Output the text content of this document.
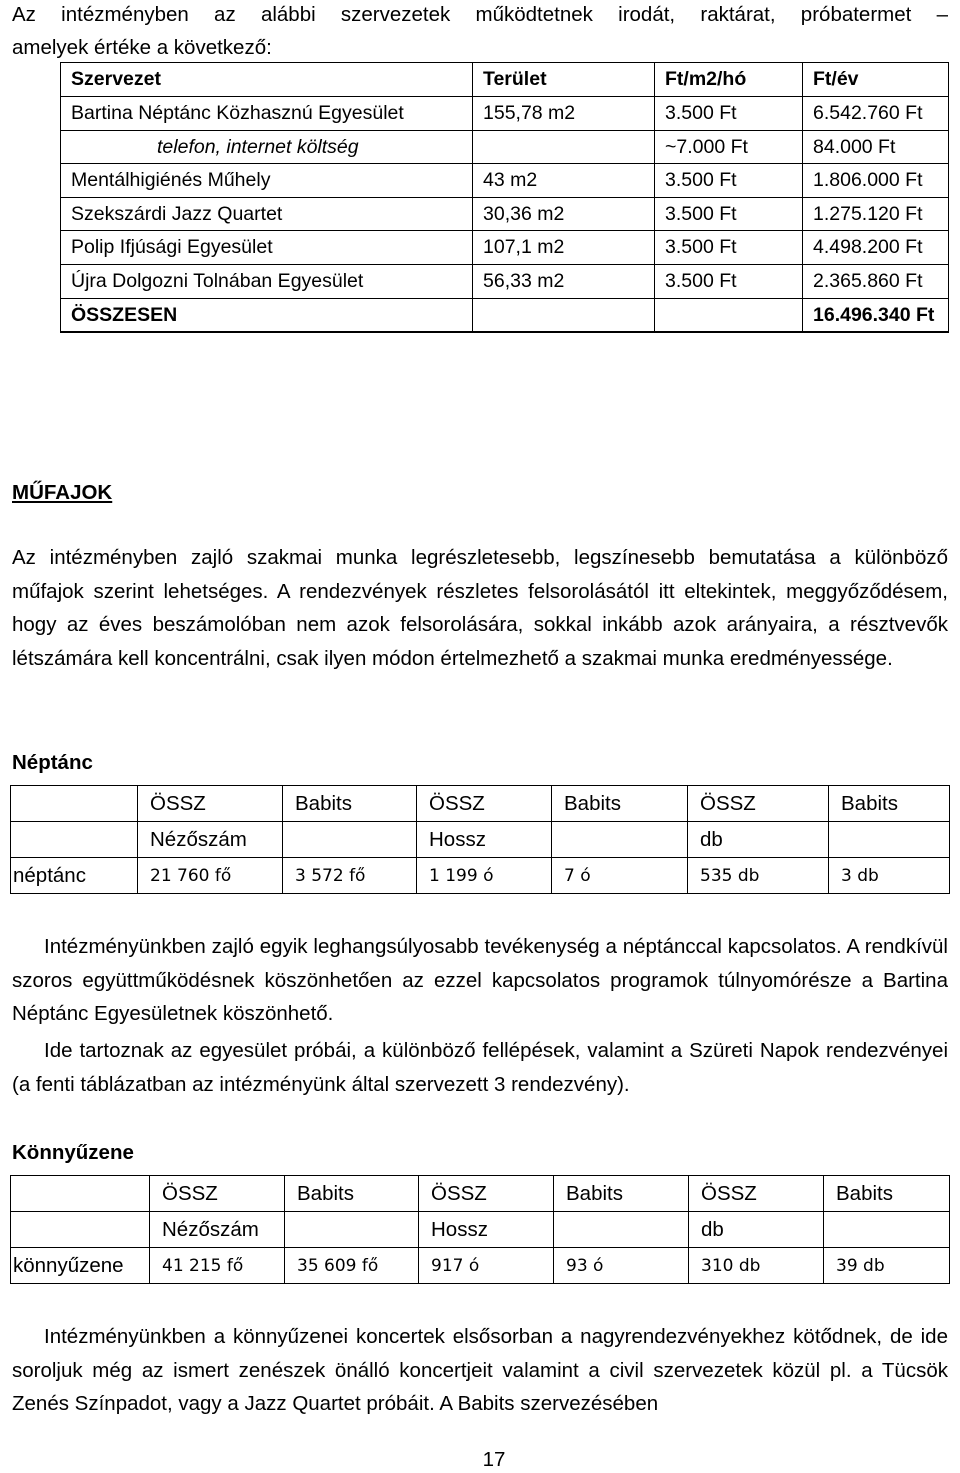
Az intézményben az alábbi szervezetek működtetnek irodát, raktárat, próbatermet –

amelyek értéke a következő:

Szervezet	Terület	Ft/m2/hó	Ft/év
Bartina Néptánc Közhasznú Egyesület	155,78 m2	3.500 Ft	6.542.760 Ft
telefon, internet költség		~7.000 Ft	84.000 Ft
Mentálhigiénés Műhely	43 m2	3.500 Ft	1.806.000 Ft
Szekszárdi Jazz Quartet	30,36 m2	3.500 Ft	1.275.120 Ft
Polip Ifjúsági Egyesület	107,1 m2	3.500 Ft	4.498.200 Ft
Újra Dolgozni Tolnában Egyesület	56,33 m2	3.500 Ft	2.365.860 Ft
ÖSSZESEN			16.496.340 Ft

MŰFAJOK

Az intézményben zajló szakmai munka legrészletesebb, legszínesebb bemutatása a különböző műfajok szerint lehetséges. A rendezvények részletes felsorolásától itt eltekintek, meggyőződésem, hogy az éves beszámolóban nem azok felsorolására, sokkal inkább azok arányaira, a résztvevők létszámára kell koncentrálni, csak ilyen módon értelmezhető a szakmai munka eredményessége.

Néptánc

	ÖSSZ	Babits	ÖSSZ	Babits	ÖSSZ	Babits
	Nézőszám		Hossz		db	
néptánc	21 760 fő	3 572 fő	1 199 ó	7 ó	535 db	3 db

Intézményünkben zajló egyik leghangsúlyosabb tevékenység a néptánccal kapcsolatos. A rendkívül szoros együttműködésnek köszönhetően az ezzel kapcsolatos programok túlnyomórésze a Bartina Néptánc Egyesületnek köszönhető.

Ide tartoznak az egyesület próbái, a különböző fellépések, valamint a Szüreti Napok rendezvényei (a fenti táblázatban az intézményünk által szervezett 3 rendezvény).

Könnyűzene

	ÖSSZ	Babits	ÖSSZ	Babits	ÖSSZ	Babits
	Nézőszám		Hossz		db	
könnyűzene	41 215 fő	35 609 fő	917 ó	93 ó	310 db	39 db

Intézményünkben a könnyűzenei koncertek elsősorban a nagyrendezvényekhez kötődnek, de ide soroljuk még az ismert zenészek önálló koncertjeit valamint a civil szervezetek közül pl. a Tücsök Zenés Színpadot, vagy a Jazz Quartet próbáit. A Babits szervezésében

17
